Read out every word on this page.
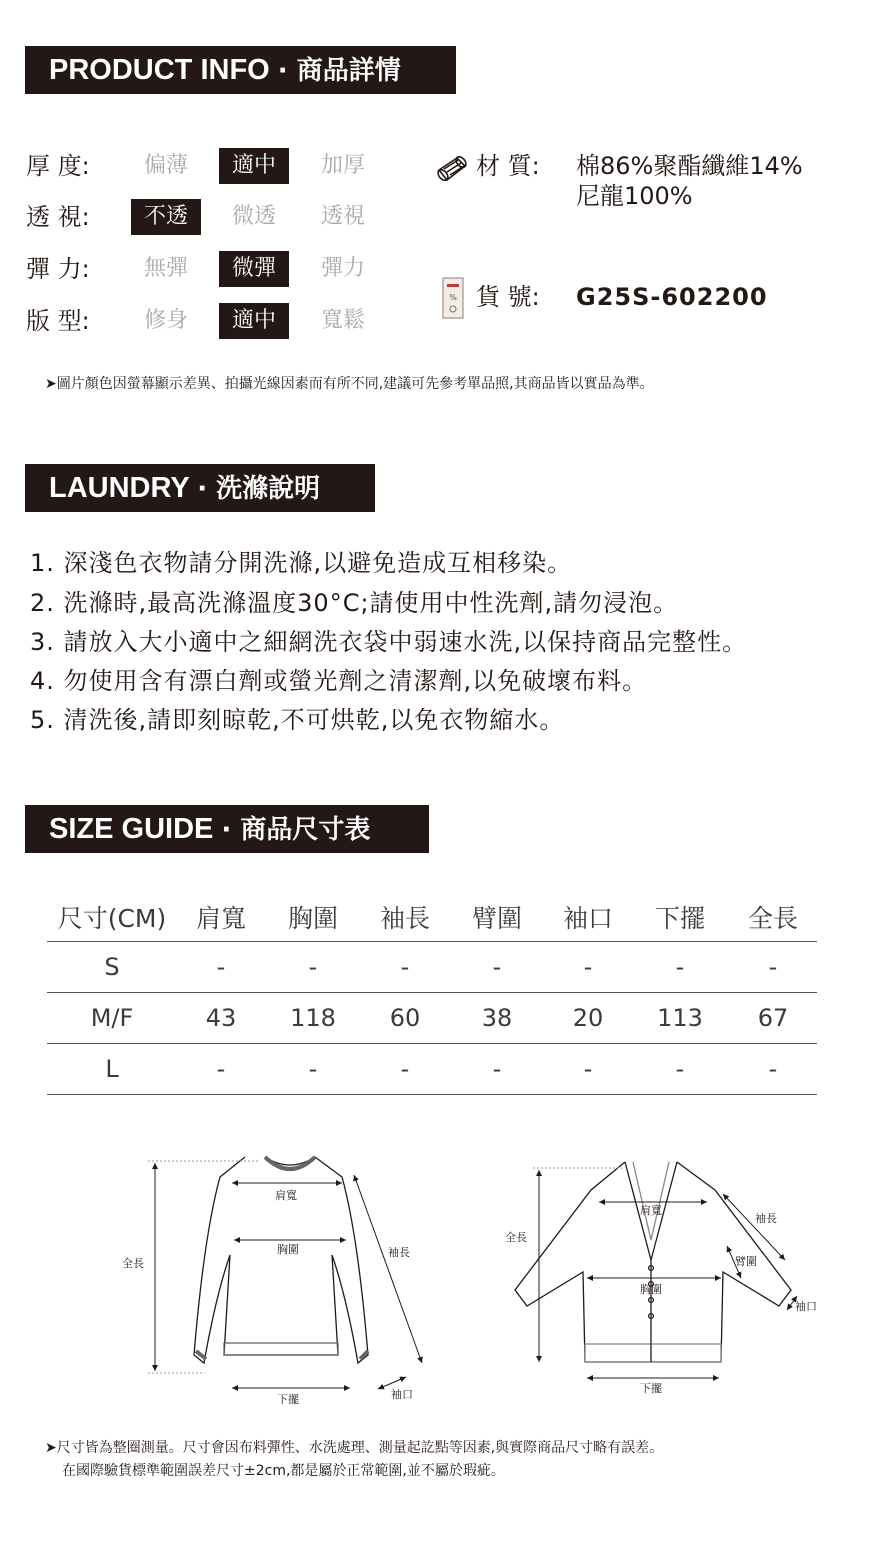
PRODUCT INFO · 商品詳情
厚 度:	偏薄	適中	加厚
透 視:	不透	微透	透視
彈 力:	無彈	微彈	彈力
版 型:	修身	適中	寬鬆
材 質: 棉86%聚酯纖維14%
尼龍100%
% 貨 號: G25S-602200
➤圖片顏色因螢幕顯示差異、拍攝光線因素而有所不同,建議可先參考單品照,其商品皆以實品為準。
LAUNDRY · 洗滌說明
1. 深淺色衣物請分開洗滌,以避免造成互相移染。
2. 洗滌時,最高洗滌溫度30°C;請使用中性洗劑,請勿浸泡。
3. 請放入大小適中之細網洗衣袋中弱速水洗,以保持商品完整性。
4. 勿使用含有漂白劑或螢光劑之清潔劑,以免破壞布料。
5. 清洗後,請即刻晾乾,不可烘乾,以免衣物縮水。
SIZE GUIDE · 商品尺寸表
尺寸(CM)	肩寬	胸圍	袖長	臂圍	袖口	下擺	全長
S	-	-	-	-	-	-	-
M/F	43	118	60	38	20	113	67
L	-	-	-	-	-	-	-
全長
肩寬
胸圍	袖長
下擺	袖口
全長
肩寬
袖長
臂圍
胸圍
袖口
下擺
➤尺寸皆為整圈測量。尺寸會因布料彈性、水洗處理、測量起訖點等因素,與實際商品尺寸略有誤差。
在國際驗貨標準範圍誤差尺寸±2cm,都是屬於正常範圍,並不屬於瑕疵。
